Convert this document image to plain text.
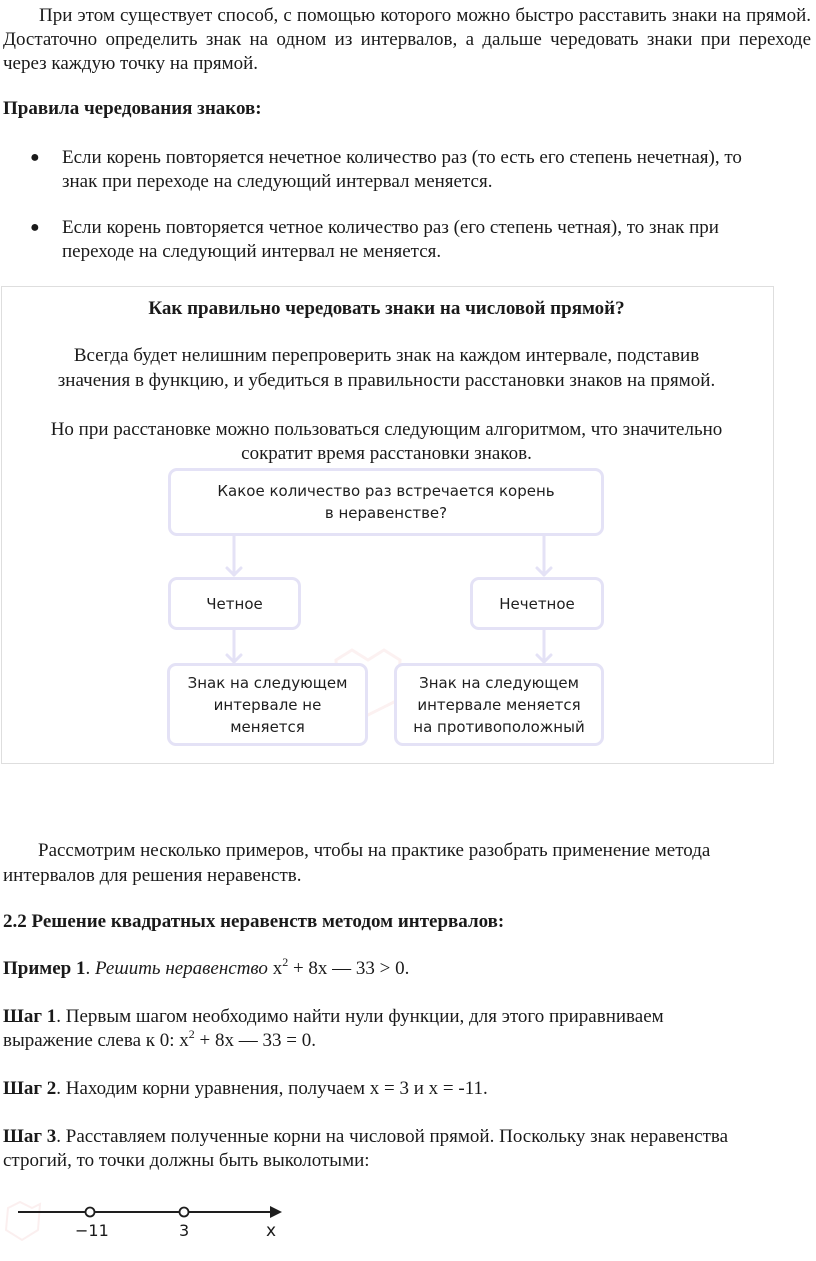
При этом существует способ, с помощью которого можно быстро расставить знаки на прямой. Достаточно определить знак на одном из интервалов, а дальше чередовать знаки при переходе через каждую точку на прямой.

Правила чередования знаков:

● Если корень повторяется нечетное количество раз (то есть его степень нечетная), то

знак при переходе на следующий интервал меняется.

● Если корень повторяется четное количество раз (его степень четная), то знак при

переходе на следующий интервал не меняется.

Как правильно чередовать знаки на числовой прямой?

Всегда будет нелишним перепроверить знак на каждом интервале, подставив

значения в функцию, и убедиться в правильности расстановки знаков на прямой.

Но при расстановке можно пользоваться следующим алгоритмом, что значительно

сократит время расстановки знаков.

Какое количество раз встречается корень
в неравенстве?
Четное	Нечетное
Знак на следующем
интервале не
меняется
Знак на следующем
интервале меняется
на противоположный

Рассмотрим несколько примеров, чтобы на практике разобрать применение метода

интервалов для решения неравенств.

2.2 Решение квадратных неравенств методом интервалов:

Пример 1. Решить неравенство $x^2 + 8x$ — 33 > 0.

Шаг 1. Первым шагом необходимо найти нули функции, для этого приравниваем

выражение слева к 0: $x^2 + 8x$ — 33 = 0.

Шаг 2. Находим корни уравнения, получаем x = 3 и x = -11.

Шаг 3. Расставляем полученные корни на числовой прямой. Поскольку знак неравенства

строгий, то точки должны быть выколотыми:

−11	3	x
